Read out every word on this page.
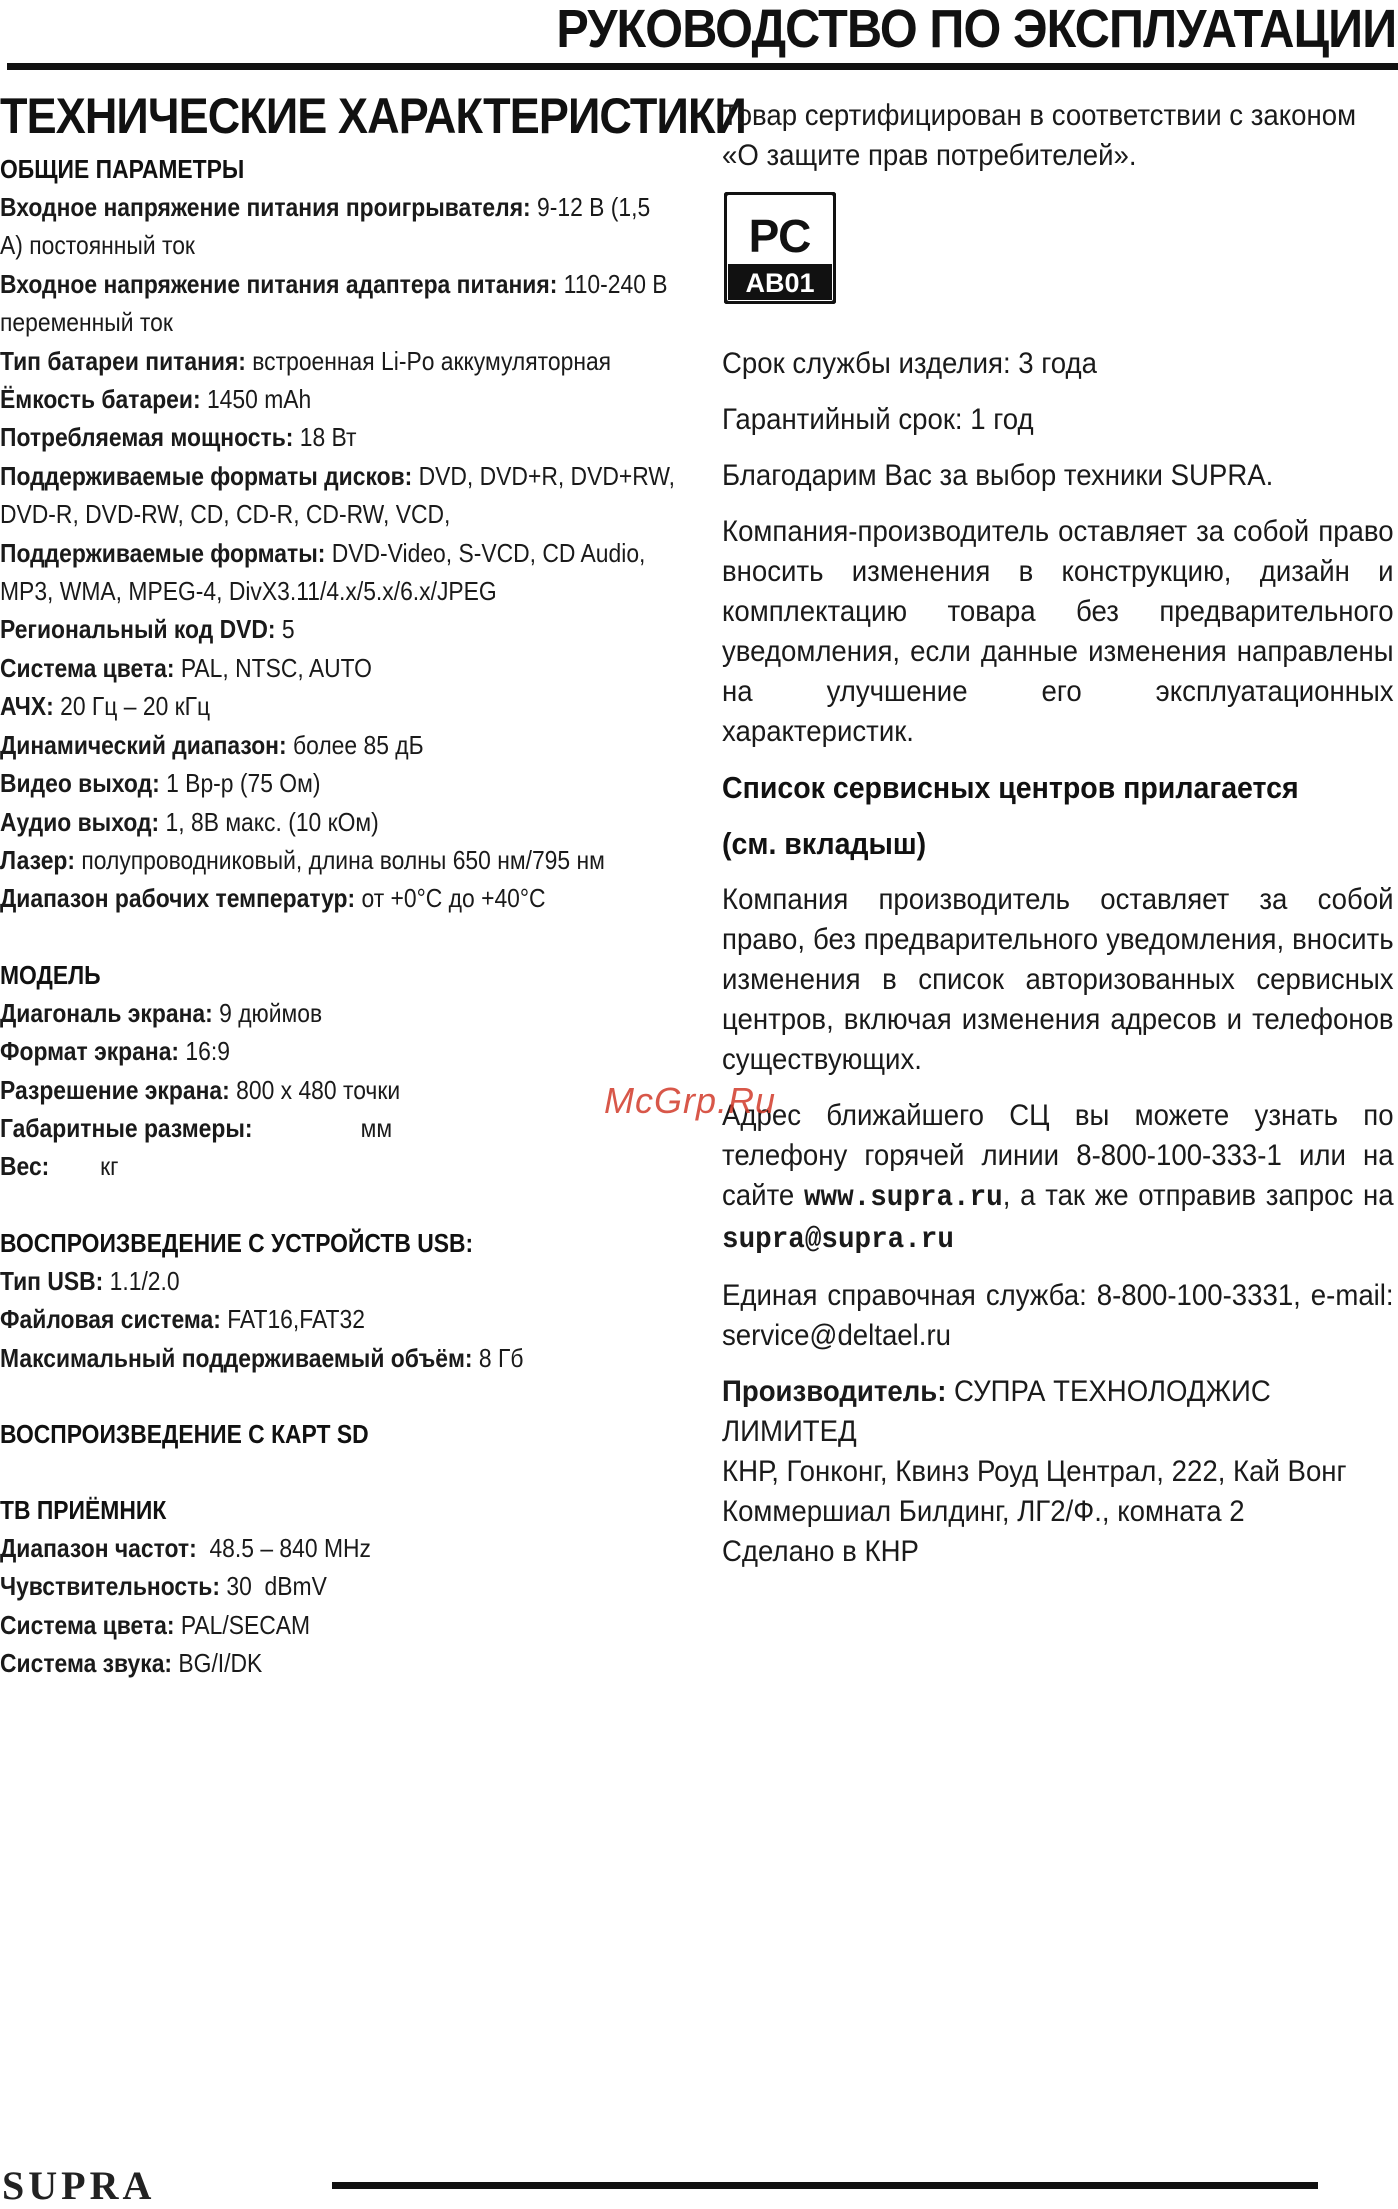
РУКОВОДСТВО ПО ЭКСПЛУАТАЦИИ
ТЕХНИЧЕСКИЕ ХАРАКТЕРИСТИКИ
ОБЩИЕ ПАРАМЕТРЫ
Входное напряжение питания проигрывателя: 9-12 В (1,5 А) постоянный ток
Входное напряжение питания адаптера питания: 110-240 В переменный ток
Тип батареи питания: встроенная Li-Po аккумуляторная
Ёмкость батареи: 1450 mAh
Потребляемая мощность: 18 Вт
Поддерживаемые форматы дисков: DVD, DVD+R, DVD+RW, DVD-R, DVD-RW, CD, CD-R, CD-RW, VCD,
Поддерживаемые форматы: DVD-Video, S-VCD, CD Audio, MP3, WMA, MPEG-4, DivX3.11/4.x/5.x/6.x/JPEG
Региональный код DVD: 5
Система цвета: PAL, NTSC, AUTO
АЧХ: 20 Гц – 20 кГц
Динамический диапазон: более 85 дБ
Видео выход: 1 Вр-р (75 Ом)
Аудио выход: 1, 8В макс. (10 кОм)
Лазер: полупроводниковый, длина волны 650 нм/795 нм
Диапазон рабочих температур: от +0°С до +40°С
МОДЕЛЬ
Диагональ экрана: 9 дюймов
Формат экрана: 16:9
Разрешение экрана: 800 х 480 точки
Габаритные размеры:                 мм
Вес:        кг
ВОСПРОИЗВЕДЕНИЕ С УСТРОЙСТВ USB:
Тип USB: 1.1/2.0
Файловая система: FAT16,FAT32
Максимальный поддерживаемый объём: 8 Гб
ВОСПРОИЗВЕДЕНИЕ С КАРТ SD
ТВ ПРИЁМНИК
Диапазон частот:  48.5 – 840 MHz
Чувствительность: 30  dBmV
Система цвета: PAL/SECAM
Система звука: BG/I/DK
Товар сертифицирован в соответствии с законом «О защите прав потребителей».
РС
АВ01
Срок службы изделия: 3 года
Гарантийный срок: 1 год
Благодарим Вас за выбор техники SUPRA.
Компания-производитель оставляет за собой право вносить изменения в конструкцию, дизайн и комплектацию товара без предварительного уведомления, если данные изменения направлены на улучшение его эксплуатационных характеристик.
Список сервисных центров прилагается
(см. вкладыш)
Компания производитель оставляет за собой право, без предварительного уведомления, вносить изменения в список авторизованных сервисных центров, включая изменения адресов и телефонов существующих.
Адрес ближайшего СЦ вы можете узнать по телефону горячей линии 8-800-100-333-1 или на сайте www.supra.ru, а так же отправив запрос на supra@supra.ru
Единая справочная служба: 8-800-100-3331, e-mail: service@deltael.ru
Производитель: СУПРА ТЕХНОЛОДЖИС ЛИМИТЕД
КНР, Гонконг, Квинз Роуд Централ, 222, Кай Вонг
Коммершиал Билдинг, ЛГ2/Ф., комната 2
Сделано в КНР
McGrp.Ru
SUPRA
